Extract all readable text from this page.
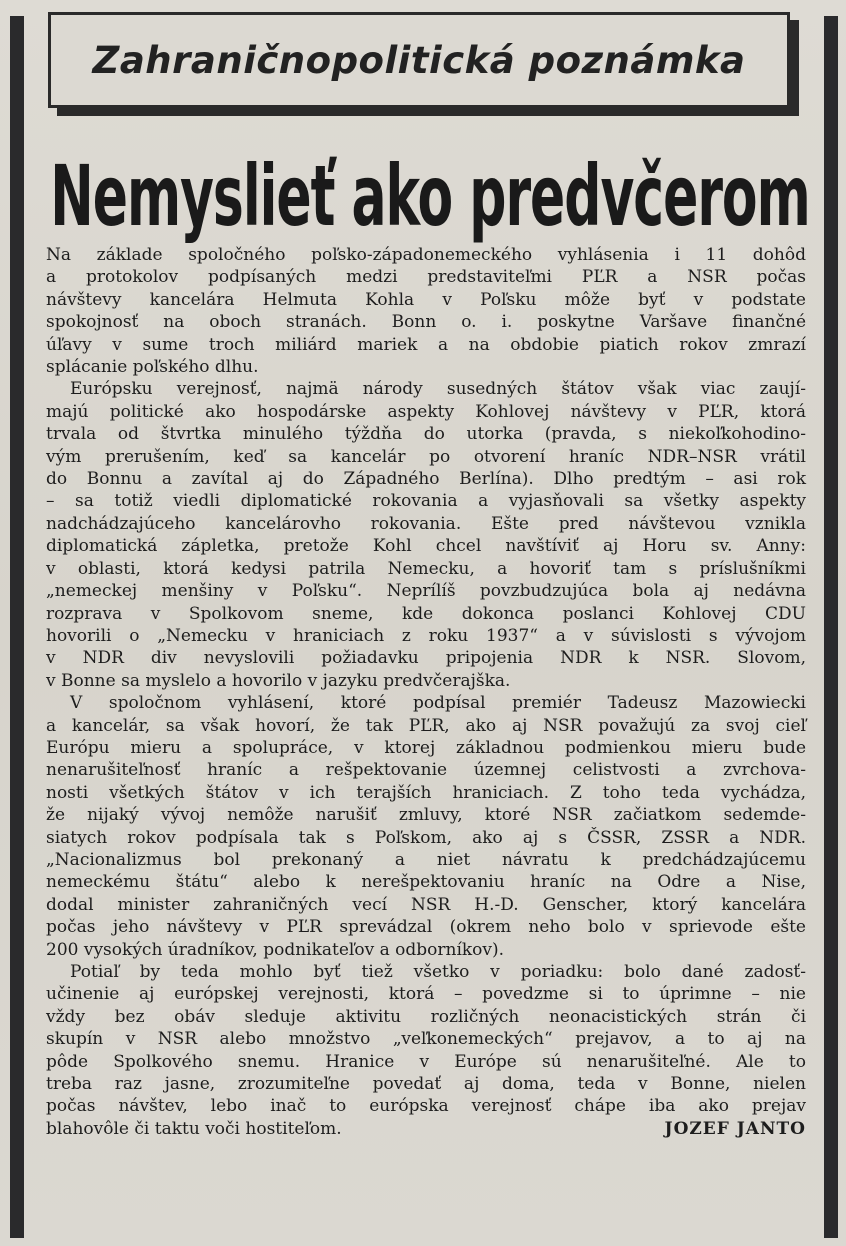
Zahraničnopolitická poznámka
Nemyslieť ako predvčerom
Na základe spoločného poľsko-západonemeckého vyhlásenia i 11 dohôd
a protokolov podpísaných medzi predstaviteľmi PĽR a NSR počas
návštevy kancelára Helmuta Kohla v Poľsku môže byť v podstate
spokojnosť na oboch stranách. Bonn o. i. poskytne Varšave finančné
úľavy v sume troch miliárd mariek a na obdobie piatich rokov zmrazí
splácanie poľského dlhu.
Európsku verejnosť, najmä národy susedných štátov však viac zaují-
majú politické ako hospodárske aspekty Kohlovej návštevy v PĽR, ktorá
trvala od štvrtka minulého týždňa do utorka (pravda, s niekoľkohodino-
vým prerušením, keď sa kancelár po otvorení hraníc NDR–NSR vrátil
do Bonnu a zavítal aj do Západného Berlína). Dlho predtým – asi rok
– sa totiž viedli diplomatické rokovania a vyjasňovali sa všetky aspekty
nadchádzajúceho kancelárovho rokovania. Ešte pred návštevou vznikla
diplomatická zápletka, pretože Kohl chcel navštíviť aj Horu sv. Anny:
v oblasti, ktorá kedysi patrila Nemecku, a hovoriť tam s príslušníkmi
„nemeckej menšiny v Poľsku“. Neprílíš povzbudzujúca bola aj nedávna
rozprava v Spolkovom sneme, kde dokonca poslanci Kohlovej CDU
hovorili o „Nemecku v hraniciach z roku 1937“ a v súvislosti s vývojom
v NDR div nevyslovili požiadavku pripojenia NDR k NSR. Slovom,
v Bonne sa myslelo a hovorilo v jazyku predvčerajška.
V spoločnom vyhlásení, ktoré podpísal premiér Tadeusz Mazowiecki
a kancelár, sa však hovorí, že tak PĽR, ako aj NSR považujú za svoj cieľ
Európu mieru a spolupráce, v ktorej základnou podmienkou mieru bude
nenarušiteľnosť hraníc a rešpektovanie územnej celistvosti a zvrchova-
nosti všetkých štátov v ich terajších hraniciach. Z toho teda vychádza,
že nijaký vývoj nemôže narušiť zmluvy, ktoré NSR začiatkom sedemde-
siatych rokov podpísala tak s Poľskom, ako aj s ČSSR, ZSSR a NDR.
„Nacionalizmus bol prekonaný a niet návratu k predchádzajúcemu
nemeckému štátu“ alebo k nerešpektovaniu hraníc na Odre a Nise,
dodal minister zahraničných vecí NSR H.-D. Genscher, ktorý kancelára
počas jeho návštevy v PĽR sprevádzal (okrem neho bolo v sprievode ešte
200 vysokých úradníkov, podnikateľov a odborníkov).
Potiaľ by teda mohlo byť tiež všetko v poriadku: bolo dané zadosť-
učinenie aj európskej verejnosti, ktorá – povedzme si to úprimne – nie
vždy bez obáv sleduje aktivitu rozličných neonacistických strán či
skupín v NSR alebo množstvo „veľkonemeckých“ prejavov, a to aj na
pôde Spolkového snemu. Hranice v Európe sú nenarušiteľné. Ale to
treba raz jasne, zrozumiteľne povedať aj doma, teda v Bonne, nielen
počas návštev, lebo inač to európska verejnosť chápe iba ako prejav
blahovôle či taktu voči hostiteľom.	JOZEF JANTO
